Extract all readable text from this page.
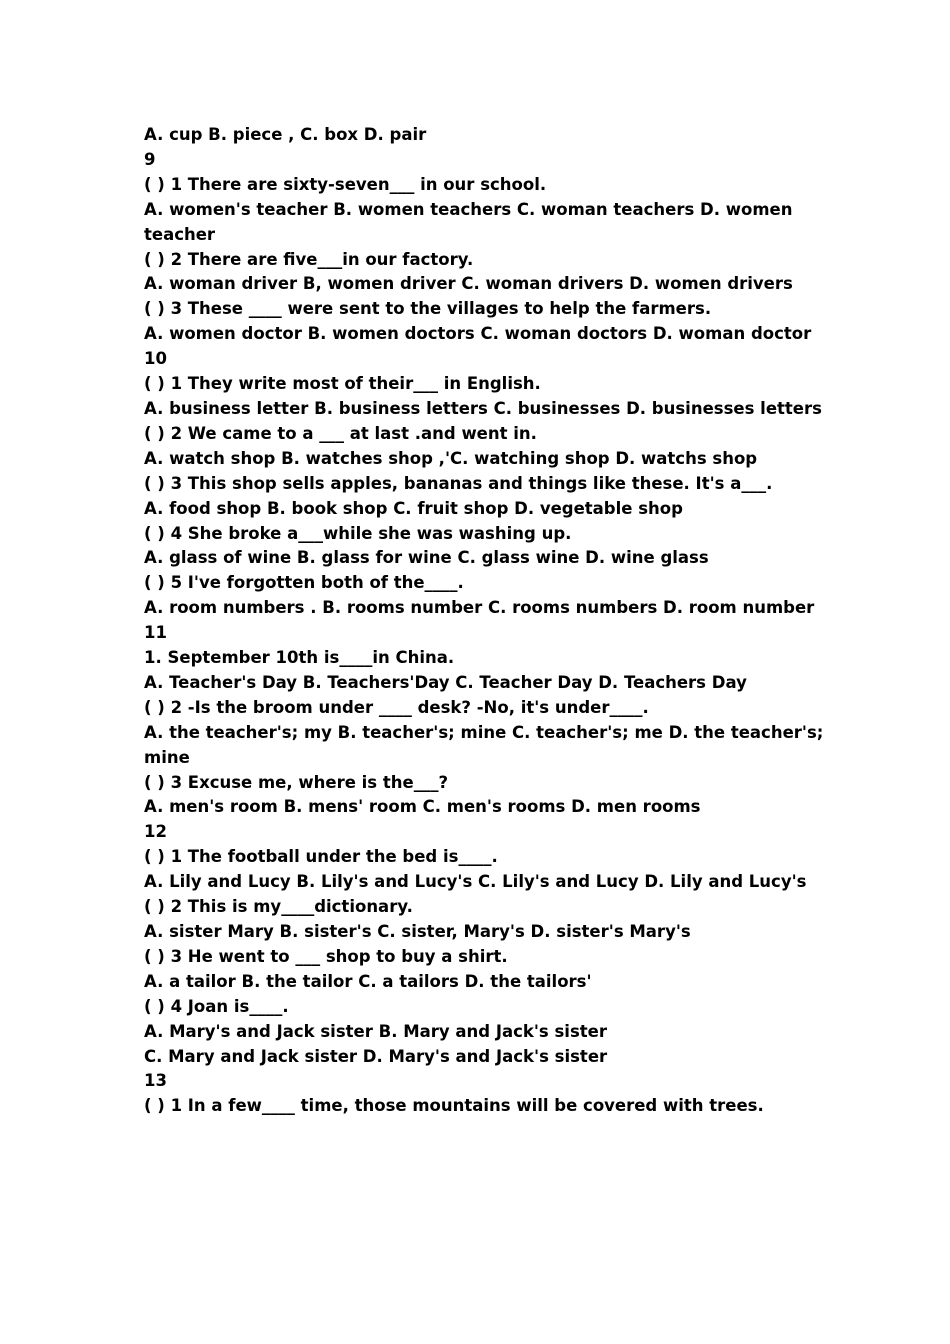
A. cup B. piece , C. box D. pair

9

( ) 1 There are sixty-seven___ in our school.

A. women's teacher B. women teachers C. woman teachers D. women teacher

( ) 2 There are five___in our factory.

A. woman driver B, women driver C. woman drivers D. women drivers

( ) 3 These ____ were sent to the villages to help the farmers.

A. women doctor B. women doctors C. woman doctors D. woman doctor

10

( ) 1 They write most of their___ in English.

A. business letter B. business letters C. businesses D. businesses letters

( ) 2 We came to a ___ at last .and went in.

A. watch shop B. watches shop ,'C. watching shop D. watchs shop

( ) 3 This shop sells apples, bananas and things like these. It's a___.

A. food shop B. book shop C. fruit shop D. vegetable shop

( ) 4 She broke a___while she was washing up.

A. glass of wine B. glass for wine C. glass wine D. wine glass

( ) 5 I've forgotten both of the____.

A. room numbers . B. rooms number C. rooms numbers D. room number

11

1. September 10th is____in China.

A. Teacher's Day B. Teachers'Day C. Teacher Day D. Teachers Day

( ) 2 -Is the broom under ____ desk? -No, it's under____.

A. the teacher's; my B. teacher's; mine C. teacher's; me D. the teacher's; mine

( ) 3 Excuse me, where is the___?

A. men's room B. mens' room C. men's rooms D. men rooms

12

( ) 1 The football under the bed is____.

A. Lily and Lucy B. Lily's and Lucy's C. Lily's and Lucy D. Lily and Lucy's

( ) 2 This is my____dictionary.

A. sister Mary B. sister's C. sister, Mary's D. sister's Mary's

( ) 3 He went to ___ shop to buy a shirt.

A. a tailor B. the tailor C. a tailors D. the tailors'

( ) 4 Joan is____.

A. Mary's and Jack sister B. Mary and Jack's sister

C. Mary and Jack sister D. Mary's and Jack's sister

13

( ) 1 In a few____ time, those mountains will be covered with trees.
